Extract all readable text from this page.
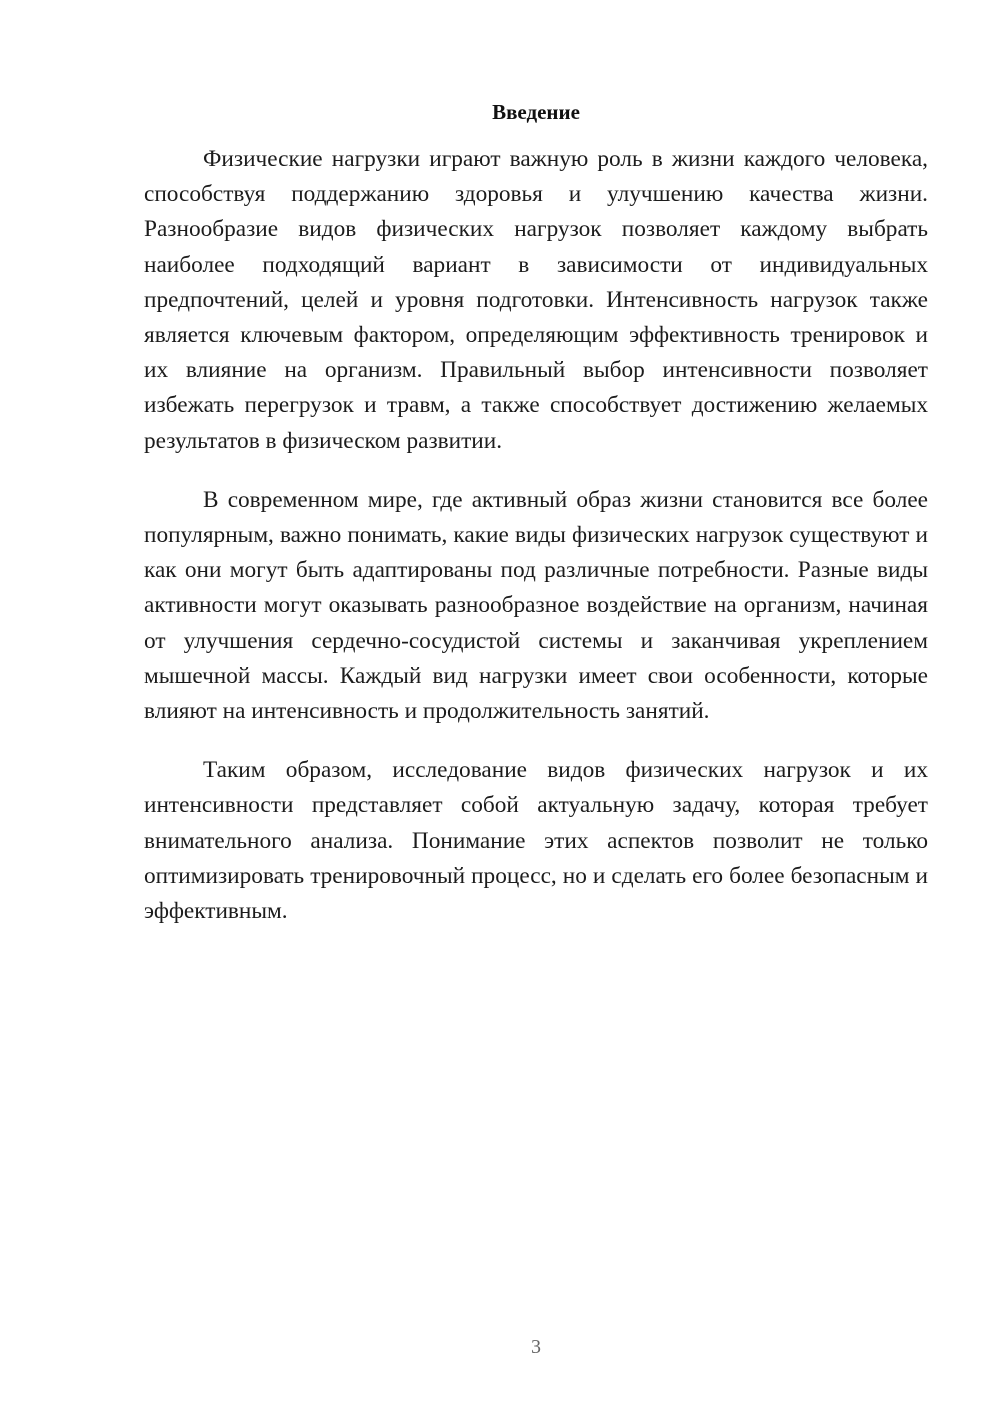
Введение

Физические нагрузки играют важную роль в жизни каждого человека, способствуя поддержанию здоровья и улучшению качества жизни. Разнообразие видов физических нагрузок позволяет каждому выбрать наиболее подходящий вариант в зависимости от индивидуальных предпочтений, целей и уровня подготовки. Интенсивность нагрузок также является ключевым фактором, определяющим эффективность тренировок и их влияние на организм. Правильный выбор интенсивности позволяет избежать перегрузок и травм, а также способствует достижению желаемых результатов в физическом развитии.

В современном мире, где активный образ жизни становится все более популярным, важно понимать, какие виды физических нагрузок существуют и как они могут быть адаптированы под различные потребности. Разные виды активности могут оказывать разнообразное воздействие на организм, начиная от улучшения сердечно-сосудистой системы и заканчивая укреплением мышечной массы. Каждый вид нагрузки имеет свои особенности, которые влияют на интенсивность и продолжительность занятий.

Таким образом, исследование видов физических нагрузок и их интенсивности представляет собой актуальную задачу, которая требует внимательного анализа. Понимание этих аспектов позволит не только оптимизировать тренировочный процесс, но и сделать его более безопасным и эффективным.

3
